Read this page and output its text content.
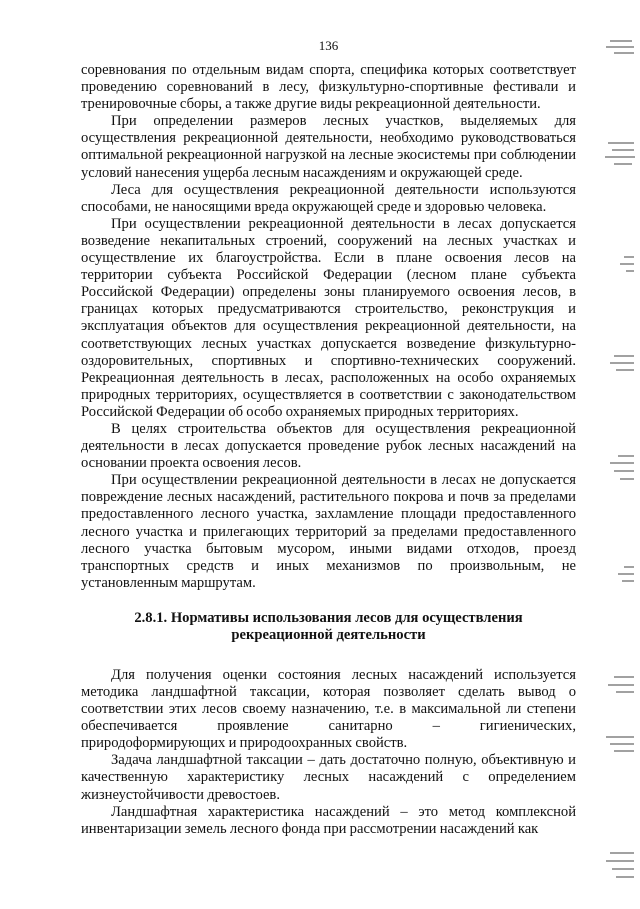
136

соревнования по отдельным видам спорта, специфика которых соответствует проведению соревнований в лесу, физкультурно-спортивные фестивали и тренировочные сборы, а также другие виды рекреационной деятельности.

При определении размеров лесных участков, выделяемых для осуществления рекреационной деятельности, необходимо руководствоваться оптимальной рекреационной нагрузкой на лесные экосистемы при соблюдении условий нанесения ущерба лесным насаждениям и окружающей среде.

Леса для осуществления рекреационной деятельности используются способами, не наносящими вреда окружающей среде и здоровью человека.

При осуществлении рекреационной деятельности в лесах допускается возведение некапитальных строений, сооружений на лесных участках и осуществление их благоустройства. Если в плане освоения лесов на территории субъекта Российской Федерации (лесном плане субъекта Российской Федерации) определены зоны планируемого освоения лесов, в границах которых предусматриваются строительство, реконструкция и эксплуатация объектов для осуществления рекреационной деятельности, на соответствующих лесных участках допускается возведение физкультурно-оздоровительных, спортивных и спортивно-технических сооружений. Рекреационная деятельность в лесах, расположенных на особо охраняемых природных территориях, осуществляется в соответствии с законодательством Российской Федерации об особо охраняемых природных территориях.

В целях строительства объектов для осуществления рекреационной деятельности в лесах допускается проведение рубок лесных насаждений на основании проекта освоения лесов.

При осуществлении рекреационной деятельности в лесах не допускается повреждение лесных насаждений, растительного покрова и почв за пределами предоставленного лесного участка, захламление площади предоставленного лесного участка и прилегающих территорий за пределами предоставленного лесного участка бытовым мусором, иными видами отходов, проезд транспортных средств и иных механизмов по произвольным, не установленным маршрутам.

2.8.1. Нормативы использования лесов для осуществления
рекреационной деятельности

Для получения оценки состояния лесных насаждений используется методика ландшафтной таксации, которая позволяет сделать вывод о соответствии этих лесов своему назначению, т.е. в максимальной ли степени обеспечивается проявление санитарно – гигиенических, природоформирующих и природоохранных свойств.

Задача ландшафтной таксации – дать достаточно полную, объективную и качественную характеристику лесных насаждений с определением жизнеустойчивости древостоев.

Ландшафтная характеристика насаждений – это метод комплексной инвентаризации земель лесного фонда при рассмотрении насаждений как
